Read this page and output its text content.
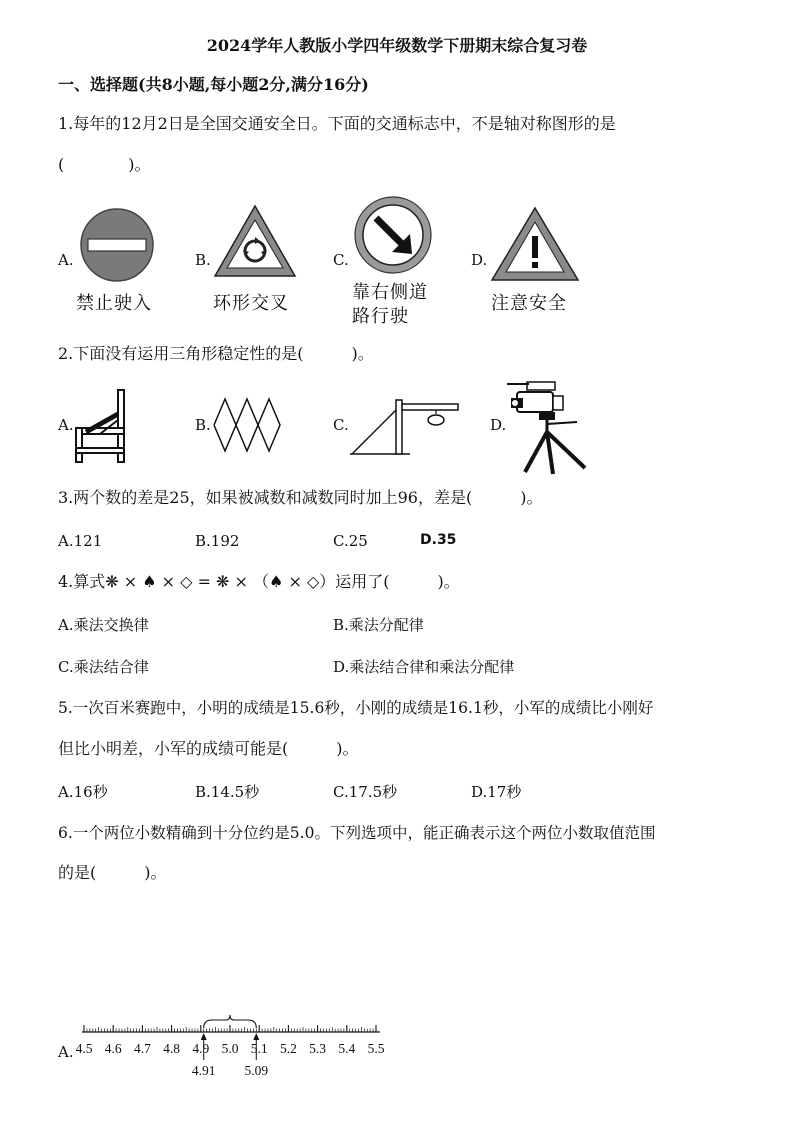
2024学年人教版小学四年级数学下册期末综合复习卷
一、选择题(共8小题,每小题2分,满分16分)
1.每年的12月2日是全国交通安全日。下面的交通标志中，不是轴对称图形的是
(　　　　)。
A.
禁止驶入
B.
环形交叉
C.
靠右侧道
路行驶
D.
注意安全
2.下面没有运用三角形稳定性的是(　　　)。
A.	B.	C.	D.
3.两个数的差是25，如果被减数和减数同时加上96，差是(　　　)。
A.121	B.192	C.25	D.35
4.算式❋ × ♠ × ◇ = ❋ × （♠ × ◇）运用了(　　　)。
A.乘法交换律	B.乘法分配律
C.乘法结合律	D.乘法结合律和乘法分配律
5.一次百米赛跑中，小明的成绩是15.6秒，小刚的成绩是16.1秒，小军的成绩比小刚好
但比小明差，小军的成绩可能是(　　　)。
A.16秒	B.14.5秒	C.17.5秒	D.17秒
6.一个两位小数精确到十分位约是5.0。下列选项中，能正确表示这个两位小数取值范围
的是(　　　)。
A. 4.5 4.6 4.7 4.8 4.9 5.0 5.1 5.2 5.3 5.4 5.5
4.91 5.09
